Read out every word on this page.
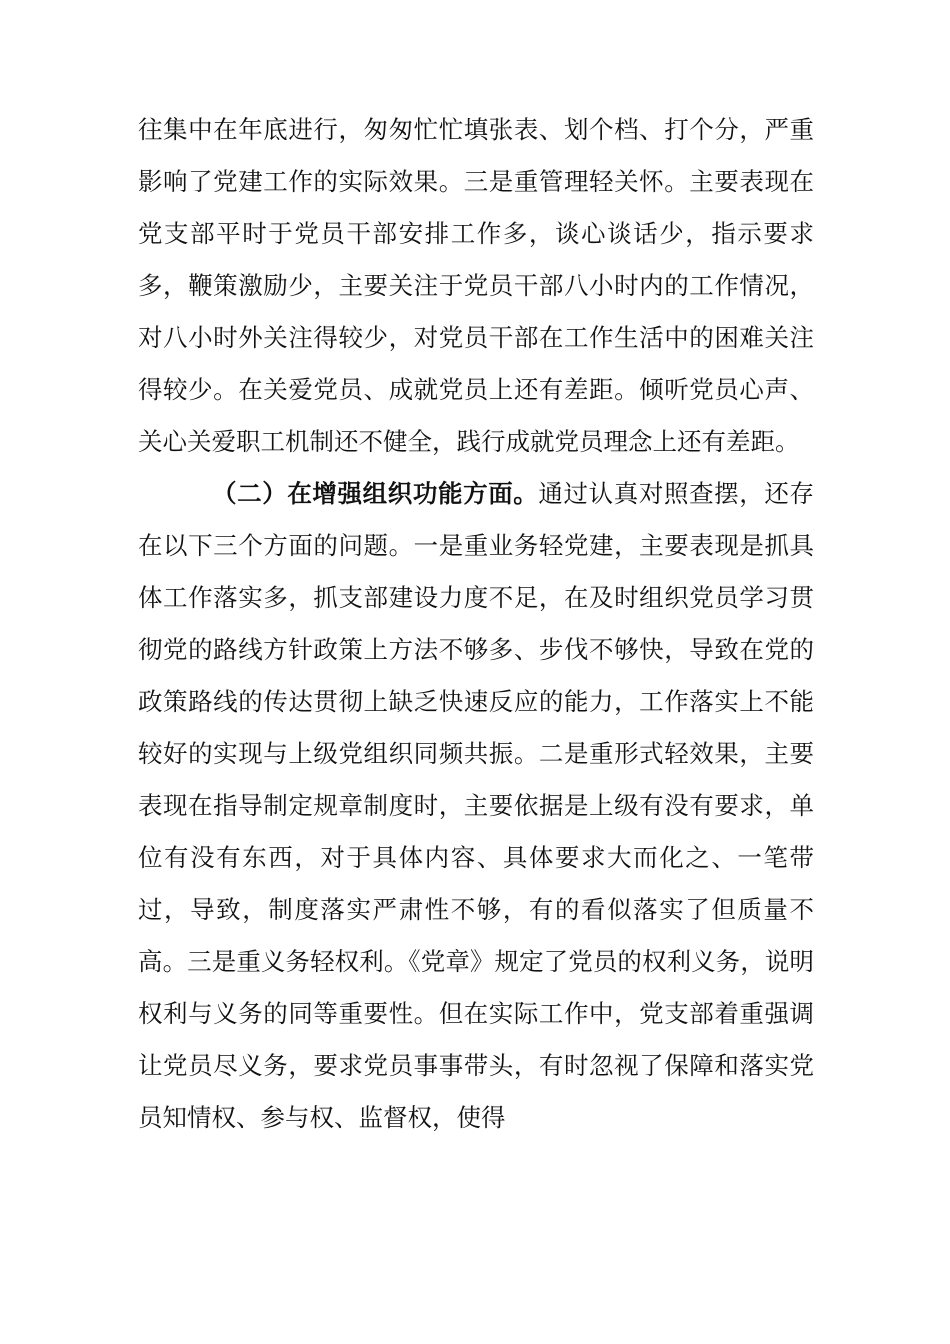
往集中在年底进行，匆匆忙忙填张表、划个档、打个分，严重影响了党建工作的实际效果。三是重管理轻关怀。主要表现在党支部平时于党员干部安排工作多，谈心谈话少，指示要求多，鞭策激励少，主要关注于党员干部八小时内的工作情况，对八小时外关注得较少，对党员干部在工作生活中的困难关注得较少。在关爱党员、成就党员上还有差距。倾听党员心声、关心关爱职工机制还不健全，践行成就党员理念上还有差距。

（二）在增强组织功能方面。通过认真对照查摆，还存在以下三个方面的问题。一是重业务轻党建，主要表现是抓具体工作落实多，抓支部建设力度不足，在及时组织党员学习贯彻党的路线方针政策上方法不够多、步伐不够快，导致在党的政策路线的传达贯彻上缺乏快速反应的能力，工作落实上不能较好的实现与上级党组织同频共振。二是重形式轻效果，主要表现在指导制定规章制度时，主要依据是上级有没有要求，单位有没有东西，对于具体内容、具体要求大而化之、一笔带过，导致，制度落实严肃性不够，有的看似落实了但质量不高。三是重义务轻权利。《党章》规定了党员的权利义务，说明权利与义务的同等重要性。但在实际工作中，党支部着重强调让党员尽义务，要求党员事事带头，有时忽视了保障和落实党员知情权、参与权、监督权，使得
